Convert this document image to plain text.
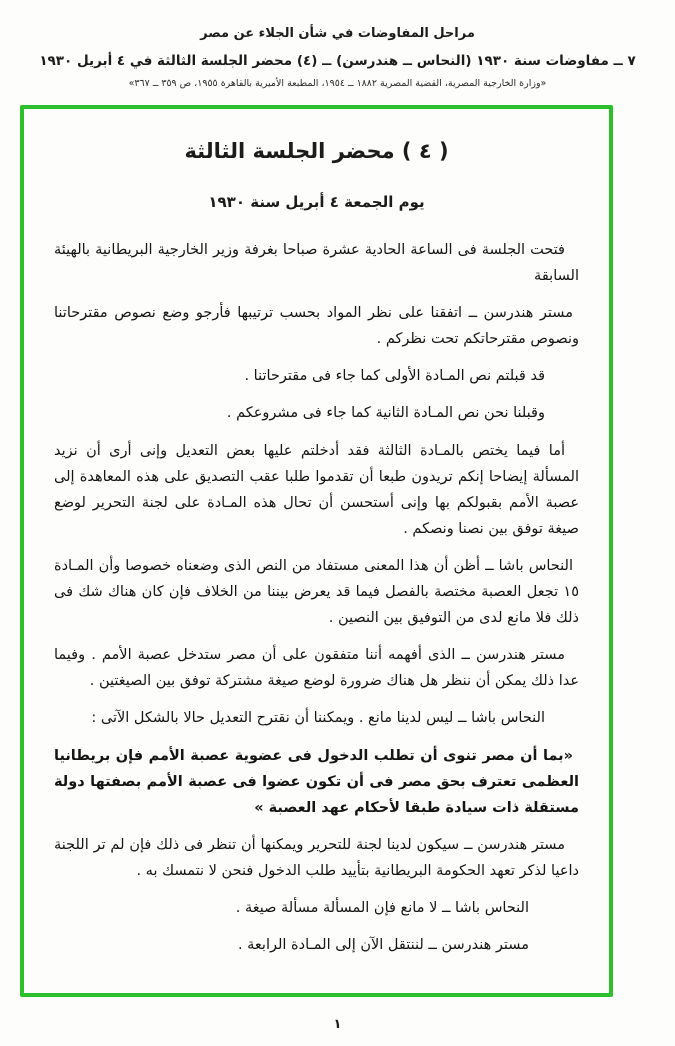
مراحل المفاوضات في شأن الجلاء عن مصر
٧ ــ مفاوضات سنة ١٩٣٠ (النحاس ــ هندرسن) ــ (٤) محضر الجلسة الثالثة في ٤ أبريل ١٩٣٠
«وزارة الخارجية المصرية، القضية المصرية ١٨٨٢ ــ ١٩٥٤، المطبعة الأميرية بالقاهرة ١٩٥٥، ص ٣٥٩ ــ ٣٦٧»
( ٤ ) محضر الجلسة الثالثة
يوم الجمعة ٤ أبريل سنة ١٩٣٠

فتحت الجلسة فى الساعة الحادية عشرة صباحا بغرفة وزير الخارجية البريطانية بالهيئة السابقة

مستر هندرسن ــ اتفقنا على نظر المواد بحسب ترتيبها فأرجو وضع نصوص مقترحاتنا ونصوص مقترحاتكم تحت نظركم .

قد قبلتم نص المـادة الأولى كما جاء فى مقترحاتنا .

وقبلنا نحن نص المـادة الثانية كما جاء فى مشروعكم .

أما فيما يختص بالمـادة الثالثة فقد أدخلتم عليها بعض التعديل وإنى أرى أن نزيد المسألة إيضاحا إنكم تريدون طبعا أن تقدموا طلبا عقب التصديق على هذه المعاهدة إلى عصبة الأمم بقبولكم بها وإنى أستحسن أن تحال هذه المـادة على لجنة التحرير لوضع صيغة توفق بين نصنا ونصكم .

النحاس باشا ــ أظن أن هذا المعنى مستفاد من النص الذى وضعناه خصوصا وأن المـادة ١٥ تجعل العصبة مختصة بالفصل فيما قد يعرض بيننا من الخلاف فإن كان هناك شك فى ذلك فلا مانع لدى من التوفيق بين النصين .

مستر هندرسن ــ الذى أفهمه أننا متفقون على أن مصر ستدخل عصبة الأمم . وفيما عدا ذلك يمكن أن ننظر هل هناك ضرورة لوضع صيغة مشتركة توفق بين الصيغتين .

النحاس باشا ــ ليس لدينا مانع . ويمكننا أن نقترح التعديل حالا بالشكل الآتى :

«بما أن مصر تنوى أن تطلب الدخول فى عضوية عصبة الأمم فإن بريطانيا العظمى تعترف بحق مصر فى أن تكون عضوا فى عصبة الأمم بصفتها دولة مستقلة ذات سيادة طبقا لأحكام عهد العصبة »

مستر هندرسن ــ سيكون لدينا لجنة للتحرير ويمكنها أن تنظر فى ذلك فإن لم تر اللجنة داعيا لذكر تعهد الحكومة البريطانية بتأييد طلب الدخول فنحن لا نتمسك به .

النحاس باشا ــ لا مانع فإن المسألة مسألة صيغة .

مستر هندرسن ــ لننتقل الآن إلى المـادة الرابعة .

١
